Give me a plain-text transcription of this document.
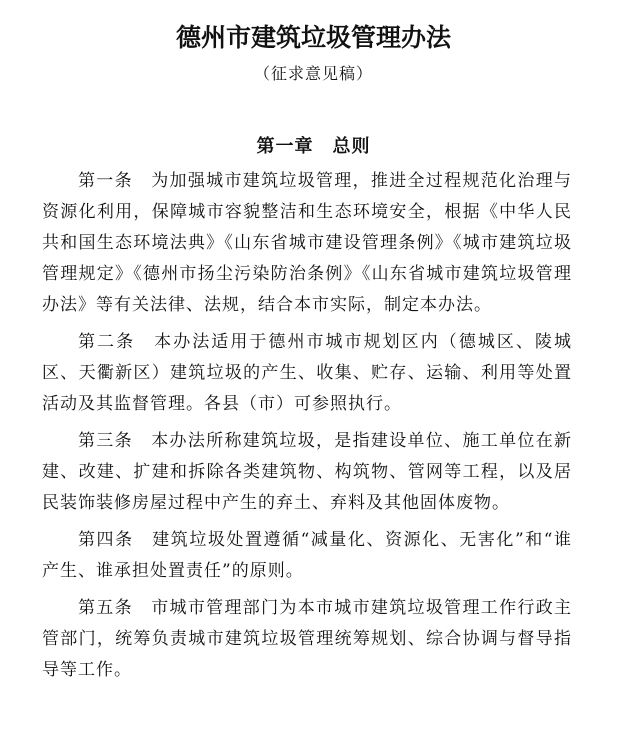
德州市建筑垃圾管理办法
（征求意见稿）
第一章　总则

第一条　为加强城市建筑垃圾管理，推进全过程规范化治理与资源化利用，保障城市容貌整洁和生态环境安全，根据《中华人民共和国生态环境法典》《山东省城市建设管理条例》《城市建筑垃圾管理规定》《德州市扬尘污染防治条例》《山东省城市建筑垃圾管理办法》等有关法律、法规，结合本市实际，制定本办法。

第二条　本办法适用于德州市城市规划区内（德城区、陵城区、天衢新区）建筑垃圾的产生、收集、贮存、运输、利用等处置活动及其监督管理。各县（市）可参照执行。

第三条　本办法所称建筑垃圾，是指建设单位、施工单位在新建、改建、扩建和拆除各类建筑物、构筑物、管网等工程，以及居民装饰装修房屋过程中产生的弃土、弃料及其他固体废物。

第四条　建筑垃圾处置遵循“减量化、资源化、无害化”和“谁产生、谁承担处置责任”的原则。

第五条　市城市管理部门为本市城市建筑垃圾管理工作行政主管部门，统筹负责城市建筑垃圾管理统筹规划、综合协调与督导指导等工作。
